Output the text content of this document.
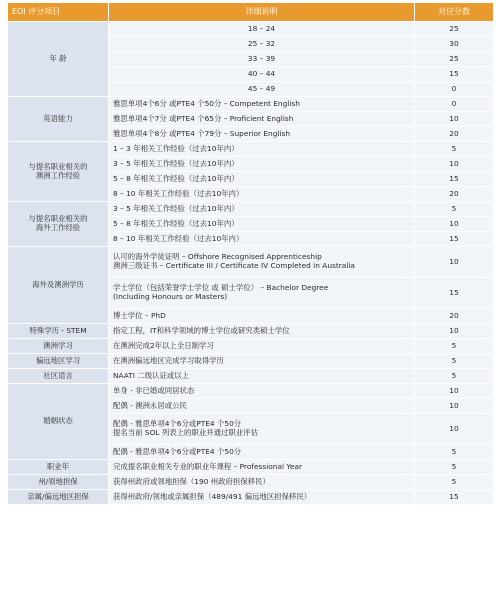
EOI 评分项目	详细说明	对应分数
年 龄	18 – 24	25
	25 – 32	30
	33 – 39	25
	40 – 44	15
	45 – 49	0
英语能力	雅思单项4个6分 或PTE4 个50分 – Competent English	0
	雅思单项4个7分 或PTE4 个65分 – Proficient English	10
	雅思单项4个8分 或PTE4 个79分 – Superior English	20
与提名职业相关的
澳洲工作经验	1 – 3 年相关工作经验（过去10年内）	5
	3 – 5 年相关工作经验（过去10年内）	10
	5 – 8 年相关工作经验（过去10年内）	15
	8 – 10 年相关工作经验（过去10年内）	20
与提名职业相关的
海外工作经验	3 – 5 年相关工作经验（过去10年内）	5
	5 – 8 年相关工作经验（过去10年内）	10
	8 – 10 年相关工作经验（过去10年内）	15
海外及澳洲学历	认可的海外学徒证明 – Offshore Recognised Apprenticeship
澳洲三级证书 – Certificate III / Certificate IV Completed in Australia	10
	学士学位（包括荣誉学士学位 或 硕士学位） – Bachelor Degree
(Including Honours or Masters)	15
	博士学位 – PhD	20
特殊学历 - STEM	指定工程，IT和科学领域的博士学位或研究类硕士学位	10
澳洲学习	在澳洲完成2年以上全日制学习	5
偏远地区学习	在澳洲偏远地区完成学习取得学历	5
社区语言	NAATI 二级认证或以上	5
婚姻状态	单身 - 非已婚或同居状态	10
	配偶 - 澳洲永居或公民	10
	配偶 - 雅思单项4个6分或PTE4 个50分
提名当前 SOL 列表上的职业并通过职业评估	10
	配偶 - 雅思单项4个6分或PTE4 个50分	5
职业年	完成提名职业相关专业的职业年课程 – Professional Year	5
州/领地担保	获得州政府或领地担保（190 州政府担保移民）	5
亲属/偏远地区担保	获得州政府/领地或亲属担保（489/491 偏远地区担保移民）	15
